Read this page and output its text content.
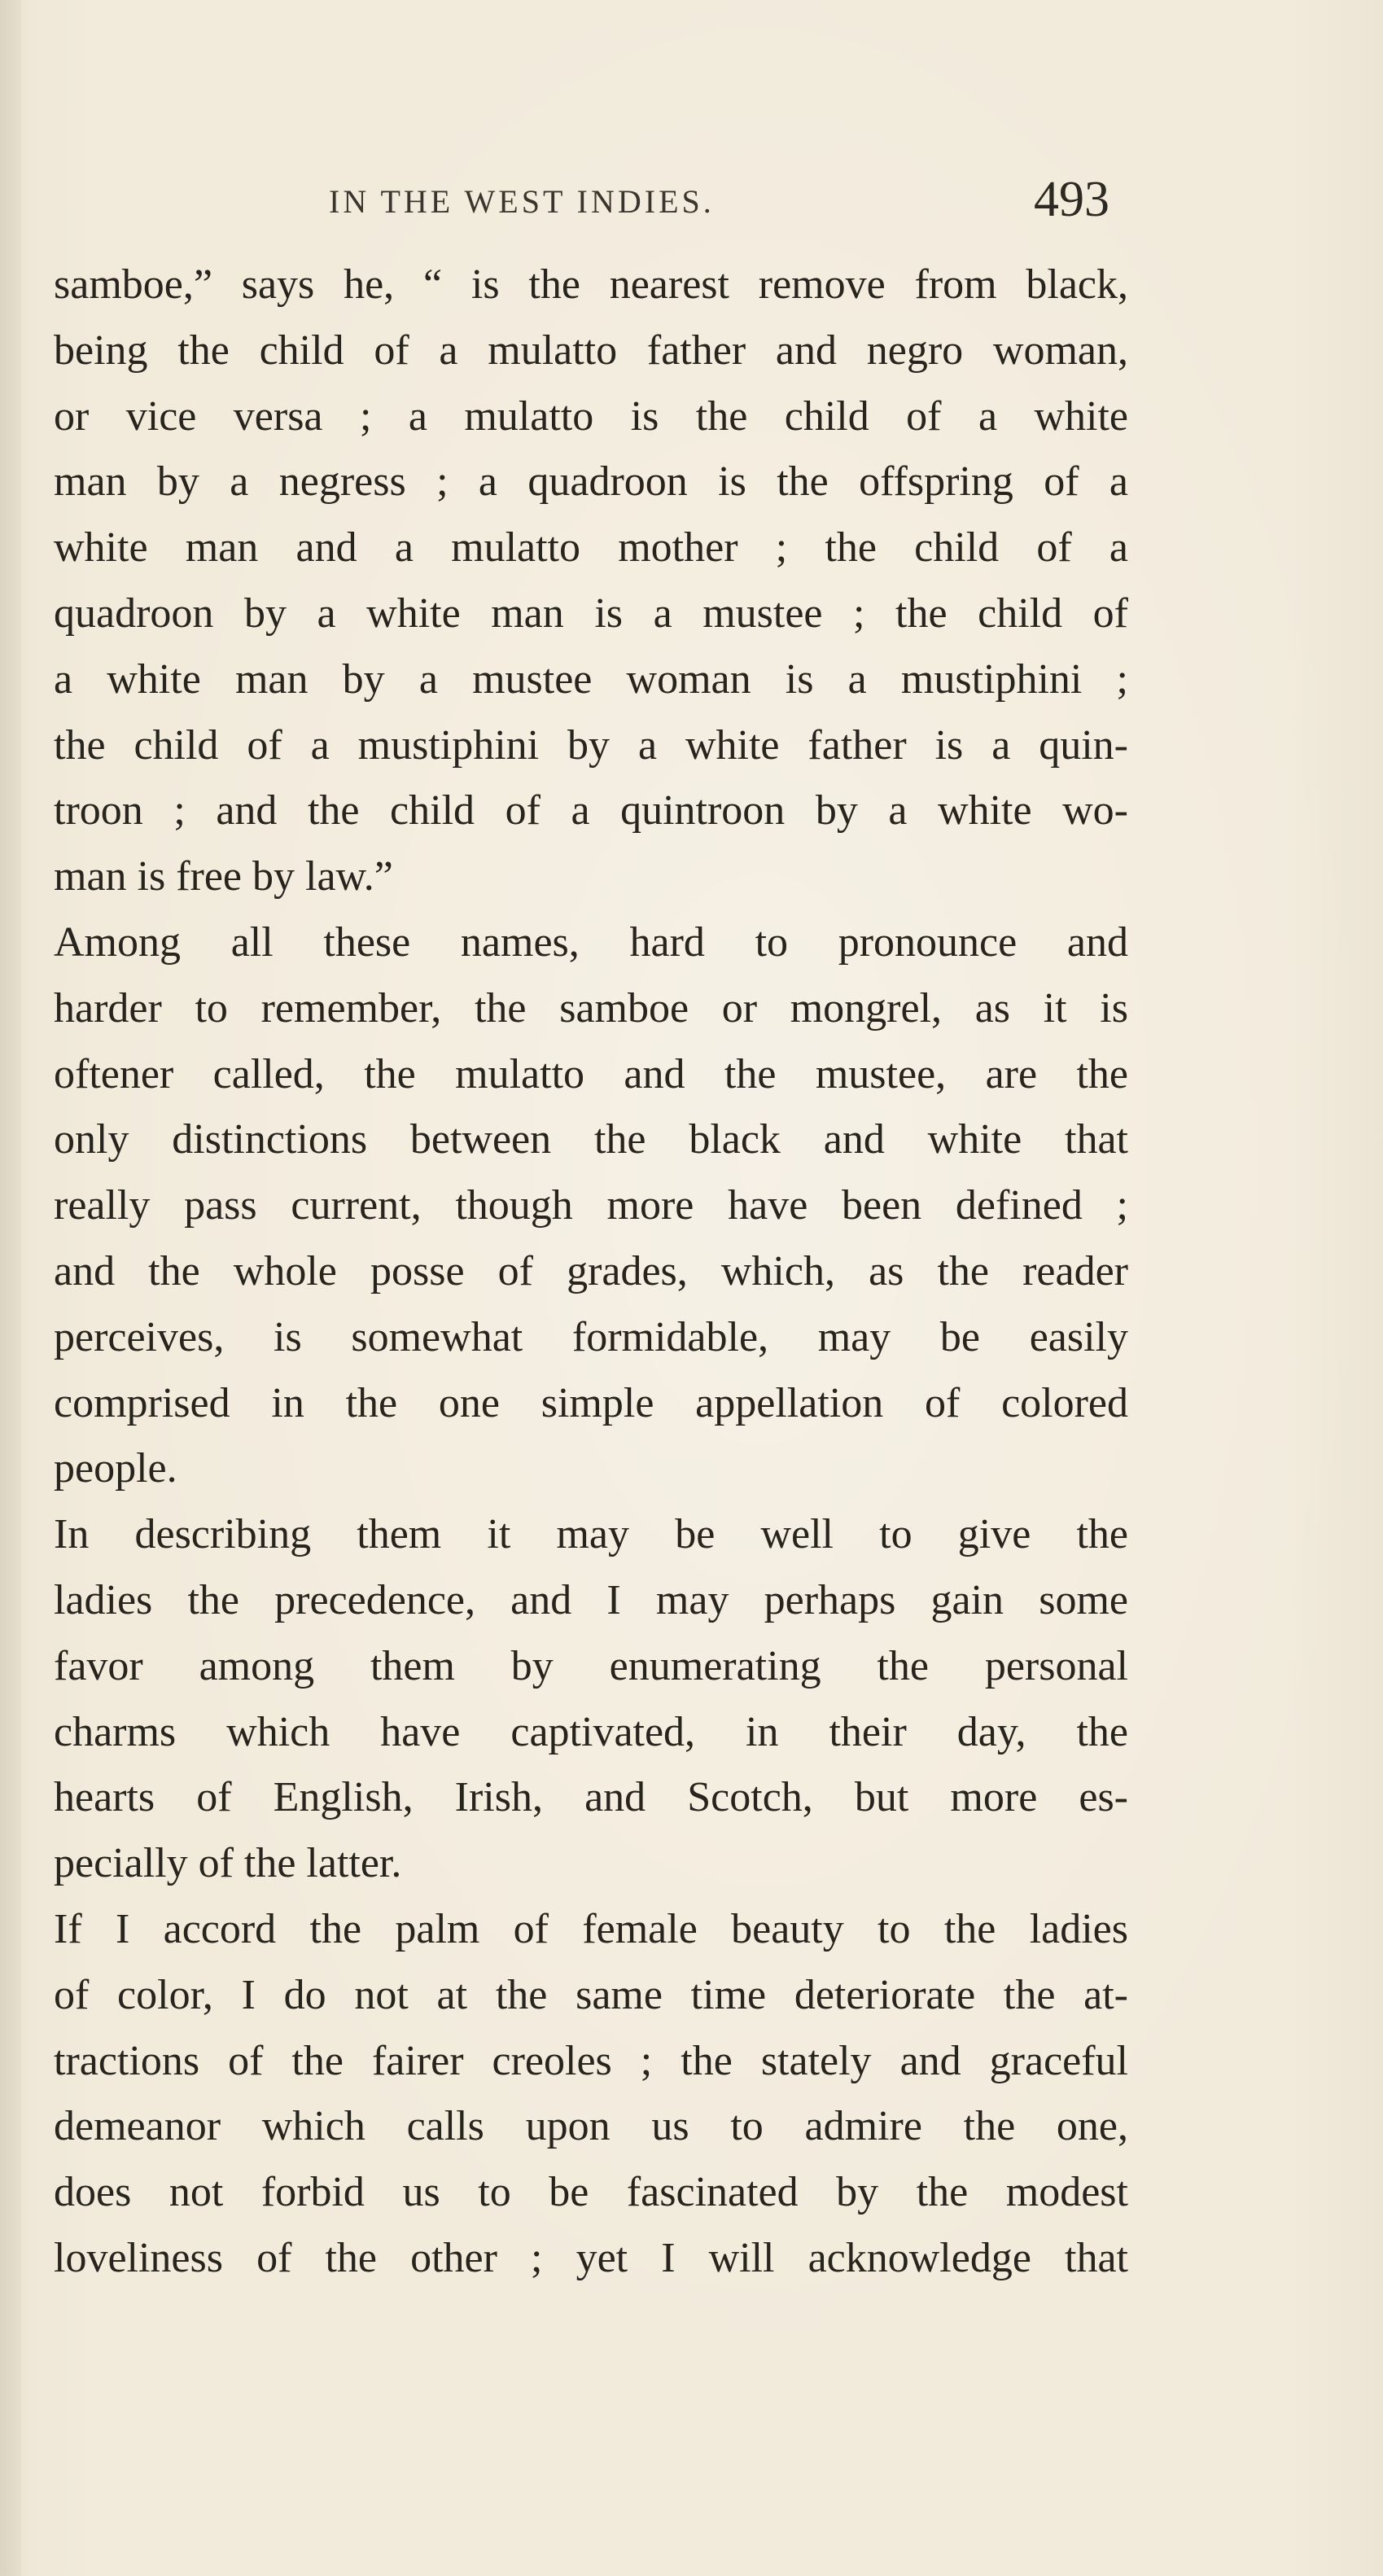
IN THE WEST INDIES.	493
samboe,” says he, “ is the nearest remove from black,
being the child of a mulatto father and negro woman,
or vice versa ; a mulatto is the child of a white
man by a negress ; a quadroon is the offspring of a
white man and a mulatto mother ; the child of a
quadroon by a white man is a mustee ; the child of
a white man by a mustee woman is a mustiphini ;
the child of a mustiphini by a white father is a quin-
troon ; and the child of a quintroon by a white wo-
man is free by law.”
Among all these names, hard to pronounce and
harder to remember, the samboe or mongrel, as it is
oftener called, the mulatto and the mustee, are the
only distinctions between the black and white that
really pass current, though more have been defined ;
and the whole posse of grades, which, as the reader
perceives, is somewhat formidable, may be easily
comprised in the one simple appellation of colored
people.
In describing them it may be well to give the
ladies the precedence, and I may perhaps gain some
favor among them by enumerating the personal
charms which have captivated, in their day, the
hearts of English, Irish, and Scotch, but more es-
pecially of the latter.
If I accord the palm of female beauty to the ladies
of color, I do not at the same time deteriorate the at-
tractions of the fairer creoles ; the stately and graceful
demeanor which calls upon us to admire the one,
does not forbid us to be fascinated by the modest
loveliness of the other ; yet I will acknowledge that
